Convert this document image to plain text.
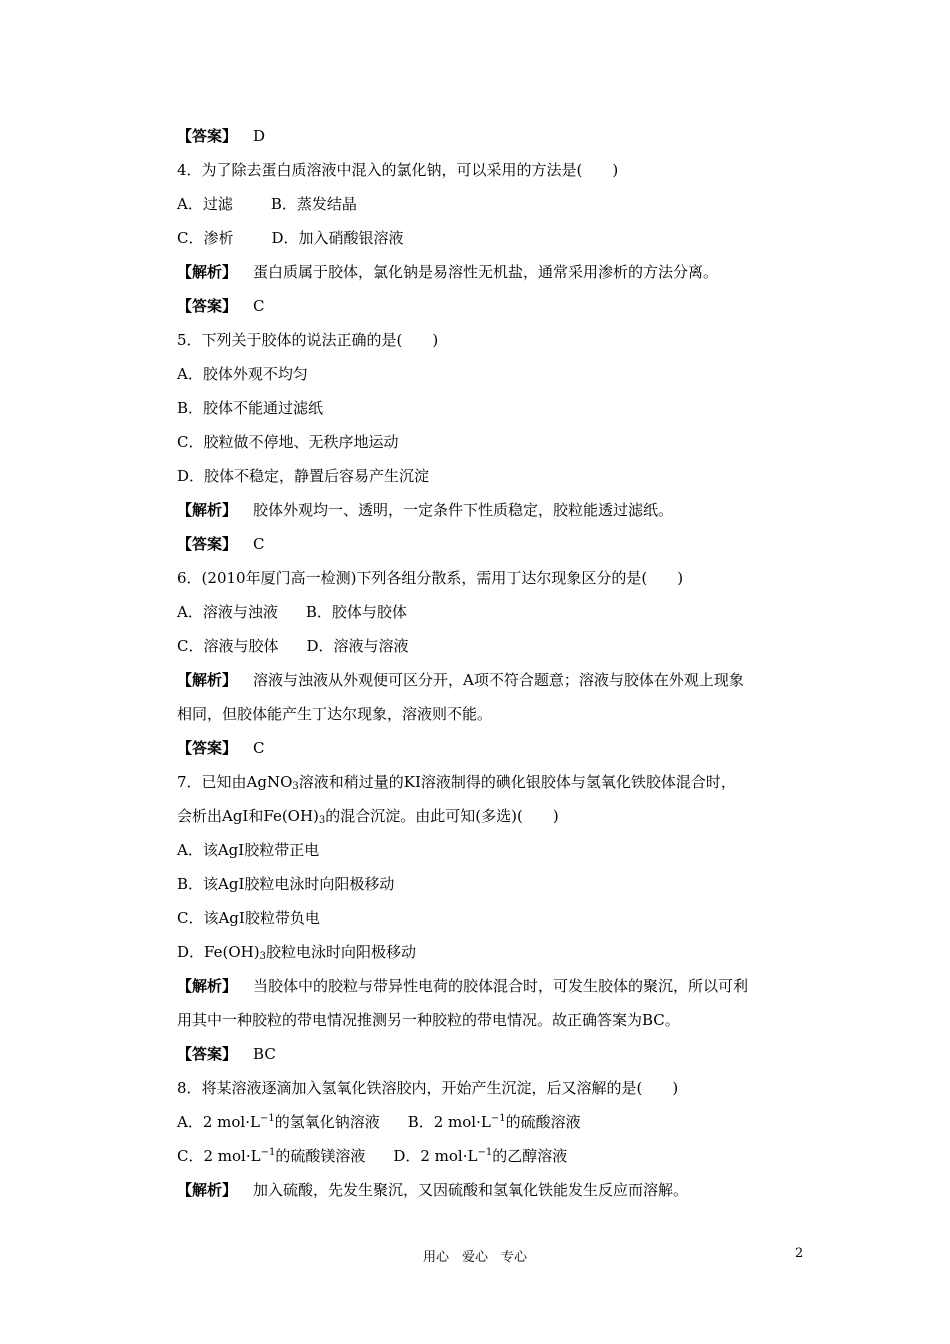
【答案】 D
4．为了除去蛋白质溶液中混入的氯化钠，可以采用的方法是(　　)
A．过滤	B．蒸发结晶
C．渗析	D．加入硝酸银溶液
【解析】 蛋白质属于胶体，氯化钠是易溶性无机盐，通常采用渗析的方法分离。
【答案】 C
5．下列关于胶体的说法正确的是(　　)
A．胶体外观不均匀
B．胶体不能通过滤纸
C．胶粒做不停地、无秩序地运动
D．胶体不稳定，静置后容易产生沉淀
【解析】 胶体外观均一、透明，一定条件下性质稳定，胶粒能透过滤纸。
【答案】 C
6．(2010年厦门高一检测)下列各组分散系，需用丁达尔现象区分的是(　　)
A．溶液与浊液 B．胶体与胶体
C．溶液与胶体 D．溶液与溶液
【解析】 溶液与浊液从外观便可区分开，A项不符合题意；溶液与胶体在外观上现象
相同，但胶体能产生丁达尔现象，溶液则不能。
【答案】 C
7．已知由AgNO$_3$溶液和稍过量的KI溶液制得的碘化银胶体与氢氧化铁胶体混合时，
会析出AgI和$Fe(OH)_3$的混合沉淀。由此可知(多选)(　　)
A．该AgI胶粒带正电
B．该AgI胶粒电泳时向阳极移动
C．该AgI胶粒带负电
D．$Fe(OH)_3$胶粒电泳时向阳极移动
【解析】 当胶体中的胶粒与带异性电荷的胶体混合时，可发生胶体的聚沉，所以可利
用其中一种胶粒的带电情况推测另一种胶粒的带电情况。故正确答案为BC。
【答案】 BC
8．将某溶液逐滴加入氢氧化铁溶胶内，开始产生沉淀，后又溶解的是(　　)
A．2 $mol\cdot L^{-1}$的氢氧化钠溶液 B．2 $mol\cdot L^{-1}$的硫酸溶液
C．2 $mol\cdot L^{-1}$的硫酸镁溶液 D．2 $mol\cdot L^{-1}$的乙醇溶液
【解析】 加入硫酸，先发生聚沉，又因硫酸和氢氧化铁能发生反应而溶解。
用心　爱心　专心	2
